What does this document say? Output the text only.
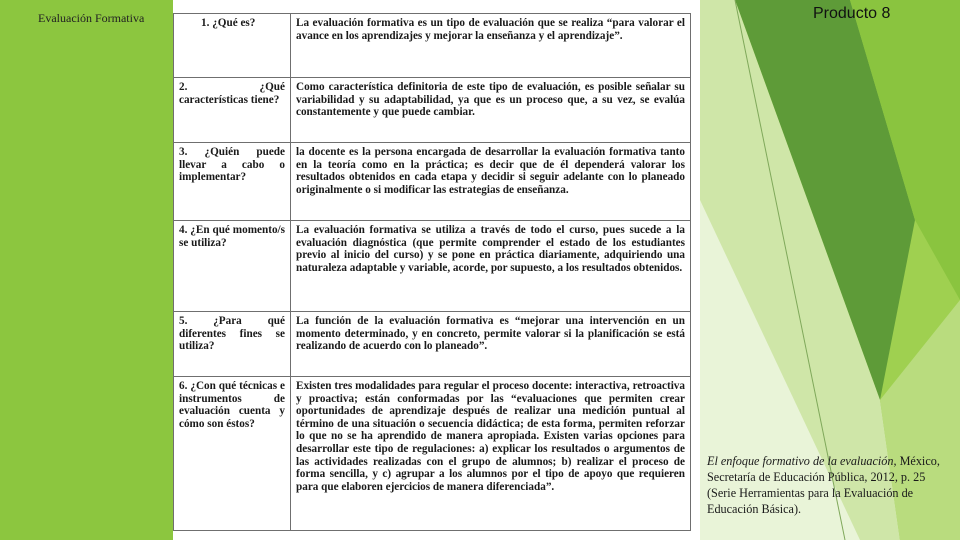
Evaluación Formativa	Producto 8
1. ¿Qué es?	La evaluación formativa es un tipo de evaluación que se realiza “para valorar el avance en los aprendizajes y mejorar la enseñanza y el aprendizaje”.
2. ¿Qué características tiene?	Como característica definitoria de este tipo de evaluación, es posible señalar su variabilidad y su adaptabilidad, ya que es un proceso que, a su vez, se evalúa constantemente y que puede cambiar.
3. ¿Quién puede llevar a cabo o implementar?	la docente es la persona encargada de desarrollar la evaluación formativa tanto en la teoría como en la práctica; es decir que de él dependerá valorar los resultados obtenidos en cada etapa y decidir si seguir adelante con lo planeado originalmente o si modificar las estrategias de enseñanza.
4. ¿En qué momento/s se utiliza?	La evaluación formativa se utiliza a través de todo el curso, pues sucede a la evaluación diagnóstica (que permite comprender el estado de los estudiantes previo al inicio del curso) y se pone en práctica diariamente, adquiriendo una naturaleza adaptable y variable, acorde, por supuesto, a los resultados obtenidos.
5. ¿Para qué diferentes fines se utiliza?	La función de la evaluación formativa es “mejorar una intervención en un momento determinado, y en concreto, permite valorar si la planificación se está realizando de acuerdo con lo planeado”.
6. ¿Con qué técnicas e instrumentos de evaluación cuenta y cómo son éstos?	Existen tres modalidades para regular el proceso docente: interactiva, retroactiva y proactiva; están conformadas por las “evaluaciones que permiten crear oportunidades de aprendizaje después de realizar una medición puntual al término de una situación o secuencia didáctica; de esta forma, permiten reforzar lo que no se ha aprendido de manera apropiada. Existen varias opciones para desarrollar este tipo de regulaciones: a) explicar los resultados o argumentos de las actividades realizadas con el grupo de alumnos; b) realizar el proceso de forma sencilla, y c) agrupar a los alumnos por el tipo de apoyo que requieren para que elaboren ejercicios de manera diferenciada”.
El enfoque formativo de la evaluación, México, Secretaría de Educación Pública, 2012, p. 25 (Serie Herramientas para la Evaluación de Educación Básica).
